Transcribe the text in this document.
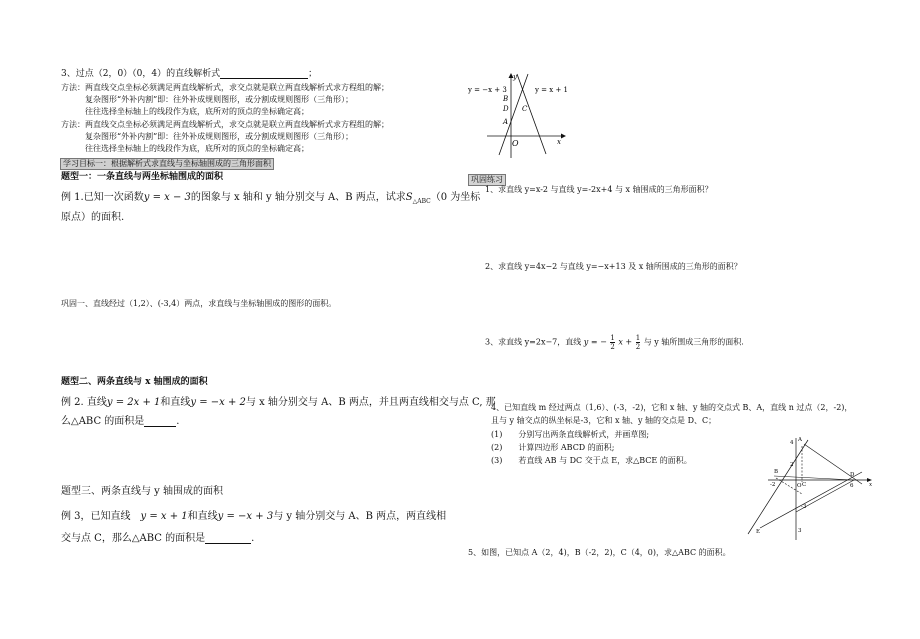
3、过点（2，0）（0，4）的直线解析式	；
方法：两直线交点坐标必须满足两直线解析式，求交点就是联立两直线解析式求方程组的解；
复杂图形“外补内割”即：往外补成规则图形，或分割成规则图形（三角形）；
往往选择坐标轴上的线段作为底，底所对的顶点的坐标确定高；
方法：两直线交点坐标必须满足两直线解析式，求交点就是联立两直线解析式求方程组的解；
复杂图形“外补内割”即：往外补成规则图形，或分割成规则图形（三角形）；
往往选择坐标轴上的线段作为底，底所对的顶点的坐标确定高；
学习目标一：根据解析式求直线与坐标轴围成的三角形面积
题型一：一条直线与两坐标轴围成的面积
例 1.已知一次函数y = x − 3的图象与 x 轴和 y 轴分别交与 A、B 两点，试求$S_{\triangle ABC}(0$ 为坐标
原点）的面积.
巩固一、直线经过（1,2）、(-3,4）两点，求直线与坐标轴围成的图形的面积。
题型二、两条直线与 x 轴围成的面积
例 2. 直线y = 2x + 1和直线y = −x + 2与 x 轴分别交与 A、B 两点，并且两直线相交与点 C, 那
么△ABC 的面积是	.
题型三、两条直线与 y 轴围成的面积
例 3，已知直线 y = x + 1和直线y = −x + 3与 y 轴分别交与 A、B 两点，两直线相
交与点 C，那么△ABC 的面积是	.
y = −x + 3	y = x + 1
y
x
O
B
D C
A
巩固练习
1、求直线 y=x-2 与直线 y=-2x+4 与 x 轴围成的三角形面积？
2、求直线 y=4x−2 与直线 y=−x+13 及 x 轴所围成的三角形的面积？
3、求直线 y=2x−7，直线 y = − $\frac{1}{2}$ $x + \frac{1}{2}$ 与 y 轴所围成三角形的面积.
4、已知直线 m 经过两点（1,6）、(-3，-2)，它和 x 轴、y 轴的交点式 B、A，直线 n 过点（2，-2)，
且与 y 轴交点的纵坐标是-3，它和 x 轴、y 轴的交点是 D、C；
(1) 分别写出两条直线解析式，并画草图;
(2) 计算四边形 ABCD 的面积;
(3) 若直线 AB 与 DC 交于点 E，求△BCE 的面积。
A
4
2
B
-2	O C
D
6	x
-3
E	3
5、如图，已知点 A（2，4)，B（-2，2)，C（4，0)，求△ABC 的面积。
